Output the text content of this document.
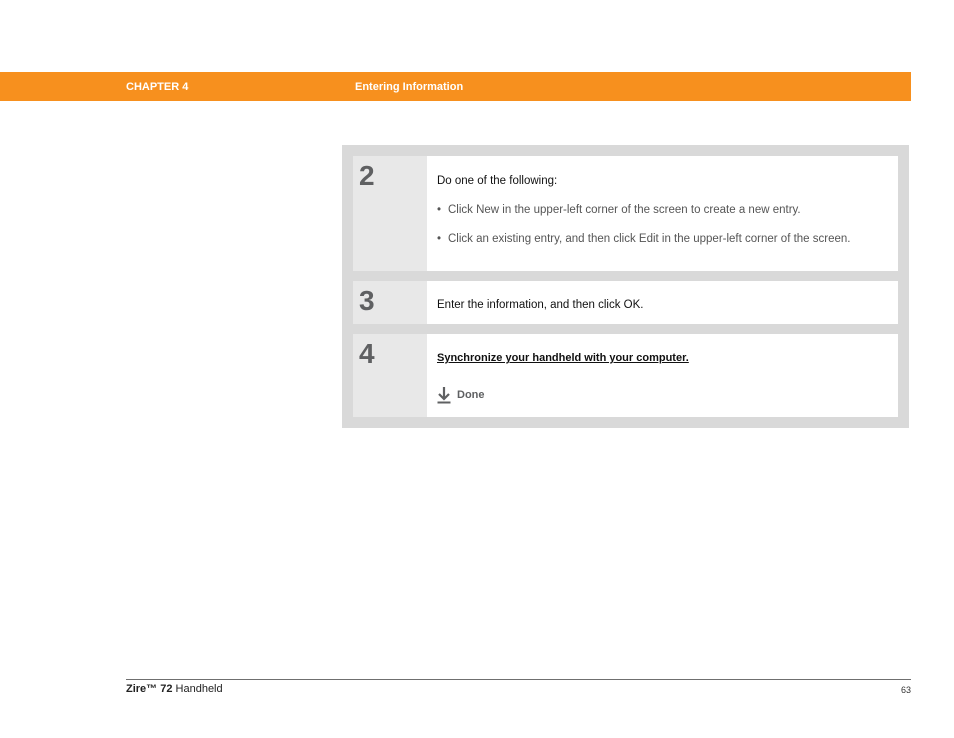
CHAPTER 4	Entering Information
2	Do one of the following:

• Click New in the upper-left corner of the screen to create a new entry.
• Click an existing entry, and then click Edit in the upper-left corner of the screen.
3	Enter the information, and then click OK.

4	Synchronize your handheld with your computer.

Done
Zire™ 72 Handheld	63
